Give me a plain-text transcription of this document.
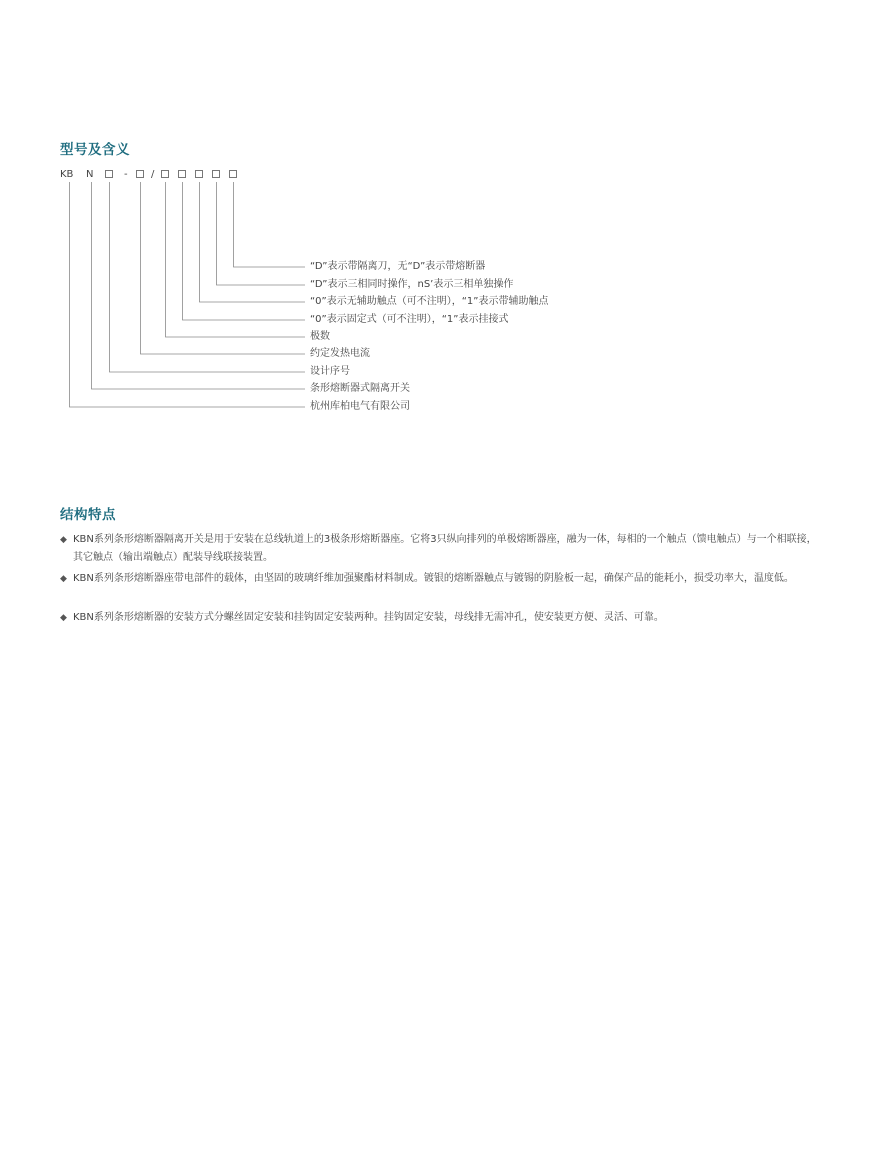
型号及含义
KB N	- /
“D”表示带隔离刀，无“D”表示带熔断器
“D”表示三相同时操作，nS’表示三相单独操作
“0”表示无辅助触点（可不注明），“1”表示带辅助触点
“0”表示固定式（可不注明），“1”表示挂接式
极数
约定发热电流
设计序号
条形熔断器式隔离开关
杭州库柏电气有限公司
结构特点
◆ KBN系列条形熔断器隔离开关是用于安装在总线轨道上的3极条形熔断器座。它将3只纵向排列的单极熔断器座，融为一体，每相的一个触点（馈电触点）与一个相联接，其它触点（输出端触点）配装导线联接装置。
◆ KBN系列条形熔断器座带电部件的载体，由坚固的玻璃纤维加强聚酯材料制成。镀银的熔断器触点与镀锡的阴脸板一起，确保产品的能耗小，损受功率大，温度低。
◆ KBN系列条形熔断器的安装方式分螺丝固定安装和挂钩固定安装两种。挂钩固定安装，母线排无需冲孔，使安装更方便、灵活、可靠。
